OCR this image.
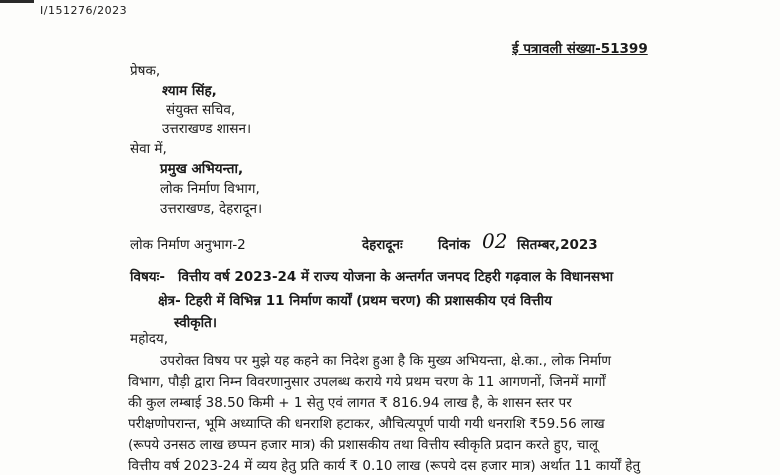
I/151276/2023
ई पत्रावली संख्या-51399
प्रेषक,
श्याम सिंह,
संयुक्त सचिव,
उत्तराखण्ड शासन।
सेवा में,
प्रमुख अभियन्ता,
लोक निर्माण विभाग,
उत्तराखण्ड, देहरादून।
लोक निर्माण अनुभाग-2	देहरादूनः	दिनांक 02 सितम्बर,2023
विषयः- वित्तीय वर्ष 2023-24 में राज्य योजना के अन्तर्गत जनपद टिहरी गढ़वाल के विधानसभा
क्षेत्र- टिहरी में विभिन्न 11 निर्माण कार्यों (प्रथम चरण) की प्रशासकीय एवं वित्तीय
स्वीकृति।
महोदय,
उपरोक्त विषय पर मुझे यह कहने का निदेश हुआ है कि मुख्य अभियन्ता, क्षे.का., लोक निर्माण
विभाग, पौड़ी द्वारा निम्न विवरणानुसार उपलब्ध कराये गये प्रथम चरण के 11 आगणनों, जिनमें मार्गों
की कुल लम्बाई 38.50 किमी + 1 सेतु एवं लागत ₹ 816.94 लाख है, के शासन स्तर पर
परीक्षणोपरान्त, भूमि अध्याप्ति की धनराशि हटाकर, औचित्यपूर्ण पायी गयी धनराशि ₹59.56 लाख
(रूपये उनसठ लाख छप्पन हजार मात्र) की प्रशासकीय तथा वित्तीय स्वीकृति प्रदान करते हुए, चालू
वित्तीय वर्ष 2023-24 में व्यय हेतु प्रति कार्य ₹ 0.10 लाख (रूपये दस हजार मात्र) अर्थात 11 कार्यों हेतु
